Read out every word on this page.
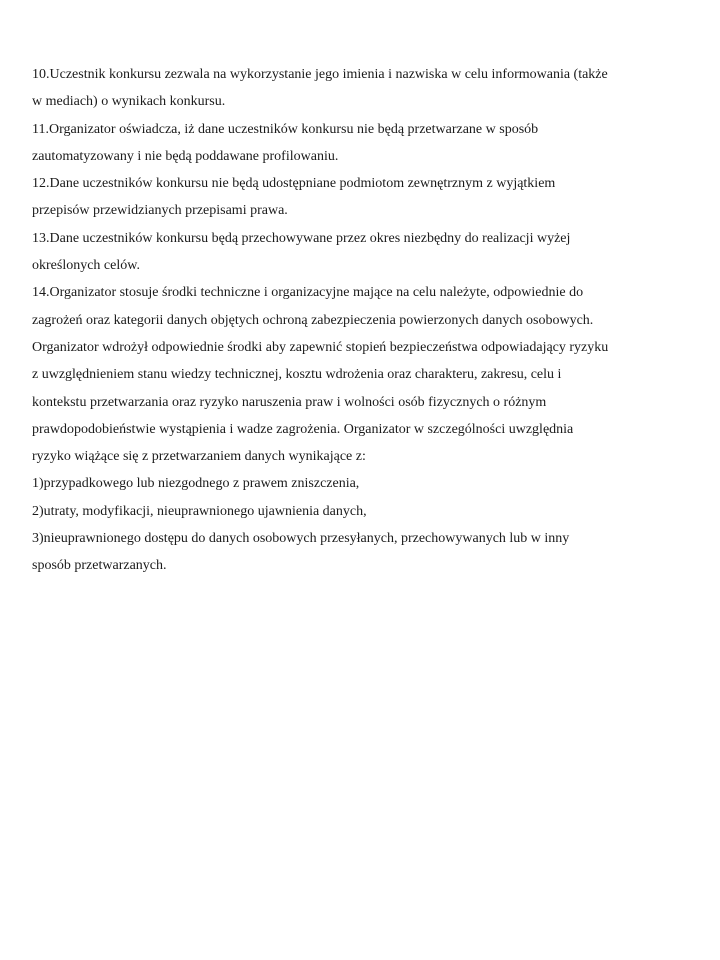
10.Uczestnik konkursu zezwala na wykorzystanie jego imienia i nazwiska w celu informowania (także
w mediach) o wynikach konkursu.
11.Organizator oświadcza, iż dane uczestników konkursu nie będą przetwarzane w sposób
zautomatyzowany i nie będą poddawane profilowaniu.
12.Dane uczestników konkursu nie będą udostępniane podmiotom zewnętrznym z wyjątkiem
przepisów przewidzianych przepisami prawa.
13.Dane uczestników konkursu będą przechowywane przez okres niezbędny do realizacji wyżej
określonych celów.
14.Organizator stosuje środki techniczne i organizacyjne mające na celu należyte, odpowiednie do
zagrożeń oraz kategorii danych objętych ochroną zabezpieczenia powierzonych danych osobowych.
Organizator wdrożył odpowiednie środki aby zapewnić stopień bezpieczeństwa odpowiadający ryzyku
z uwzględnieniem stanu wiedzy technicznej, kosztu wdrożenia oraz charakteru, zakresu, celu i
kontekstu przetwarzania oraz ryzyko naruszenia praw i wolności osób fizycznych o różnym
prawdopodobieństwie wystąpienia i wadze zagrożenia. Organizator w szczególności uwzględnia
ryzyko wiążące się z przetwarzaniem danych wynikające z:
1)przypadkowego lub niezgodnego z prawem zniszczenia,
2)utraty, modyfikacji, nieuprawnionego ujawnienia danych,
3)nieuprawnionego dostępu do danych osobowych przesyłanych, przechowywanych lub w inny
sposób przetwarzanych.
